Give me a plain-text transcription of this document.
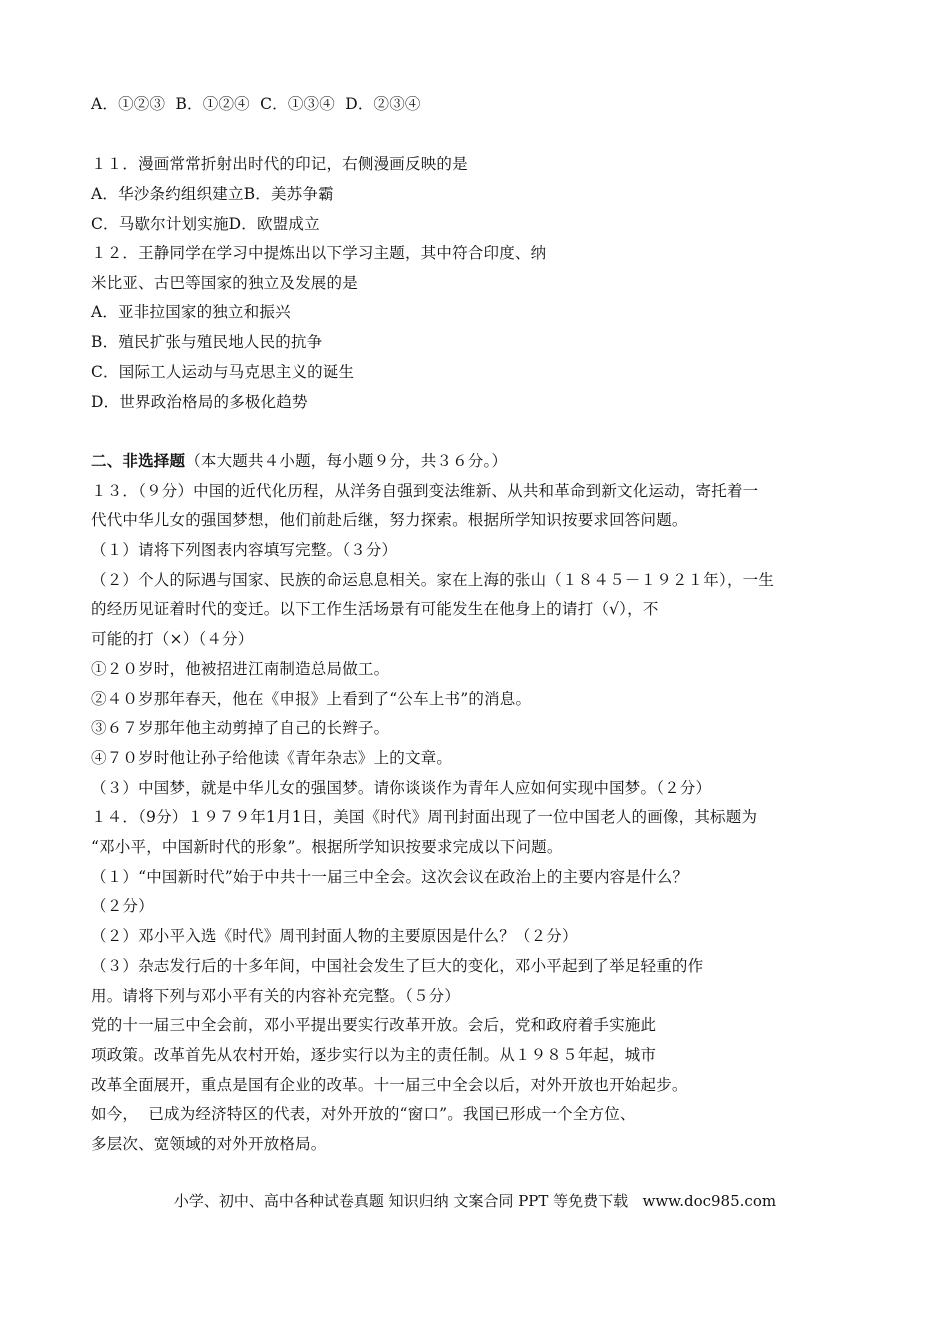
A．①②③  B．①②④  C．①③④  D．②③④
１１．漫画常常折射出时代的印记，右侧漫画反映的是
A．华沙条约组织建立B．美苏争霸
C．马歇尔计划实施D．欧盟成立
１２．王静同学在学习中提炼出以下学习主题，其中符合印度、纳
米比亚、古巴等国家的独立及发展的是
A．亚非拉国家的独立和振兴
B．殖民扩张与殖民地人民的抗争
C．国际工人运动与马克思主义的诞生
D．世界政治格局的多极化趋势
二、非选择题（本大题共４小题，每小题９分，共３６分。）
１３．（９分）中国的近代化历程，从洋务自强到变法维新、从共和革命到新文化运动，寄托着一
代代中华儿女的强国梦想，他们前赴后继，努力探索。根据所学知识按要求回答问题。
（１）请将下列图表内容填写完整。（３分）
（２）个人的际遇与国家、民族的命运息息相关。家在上海的张山（１８４５－１９２１年），一生
的经历见证着时代的变迁。以下工作生活场景有可能发生在他身上的请打（√），不
可能的打（×）（４分）
①２０岁时，他被招进江南制造总局做工。
②４０岁那年春天，他在《申报》上看到了“公车上书”的消息。
③６７岁那年他主动剪掉了自己的长辫子。
④７０岁时他让孙子给他读《青年杂志》上的文章。
（３）中国梦，就是中华儿女的强国梦。请你谈谈作为青年人应如何实现中国梦。（２分）
１４．（9分）１９７９年1月1日，美国《时代》周刊封面出现了一位中国老人的画像，其标题为
“邓小平，中国新时代的形象”。根据所学知识按要求完成以下问题。
（１）“中国新时代”始于中共十一届三中全会。这次会议在政治上的主要内容是什么？
（２分）
（２）邓小平入选《时代》周刊封面人物的主要原因是什么？（２分）
（３）杂志发行后的十多年间，中国社会发生了巨大的变化，邓小平起到了举足轻重的作
用。请将下列与邓小平有关的内容补充完整。（５分）
党的十一届三中全会前，邓小平提出要实行改革开放。会后，党和政府着手实施此
项政策。改革首先从农村开始，逐步实行以为主的责任制。从１９８５年起，城市
改革全面展开，重点是国有企业的改革。十一届三中全会以后，对外开放也开始起步。
如今，  已成为经济特区的代表，对外开放的“窗口”。我国已形成一个全方位、
多层次、宽领域的对外开放格局。
小学、初中、高中各种试卷真题 知识归纳 文案合同 PPT 等免费下载   www.doc985.com
